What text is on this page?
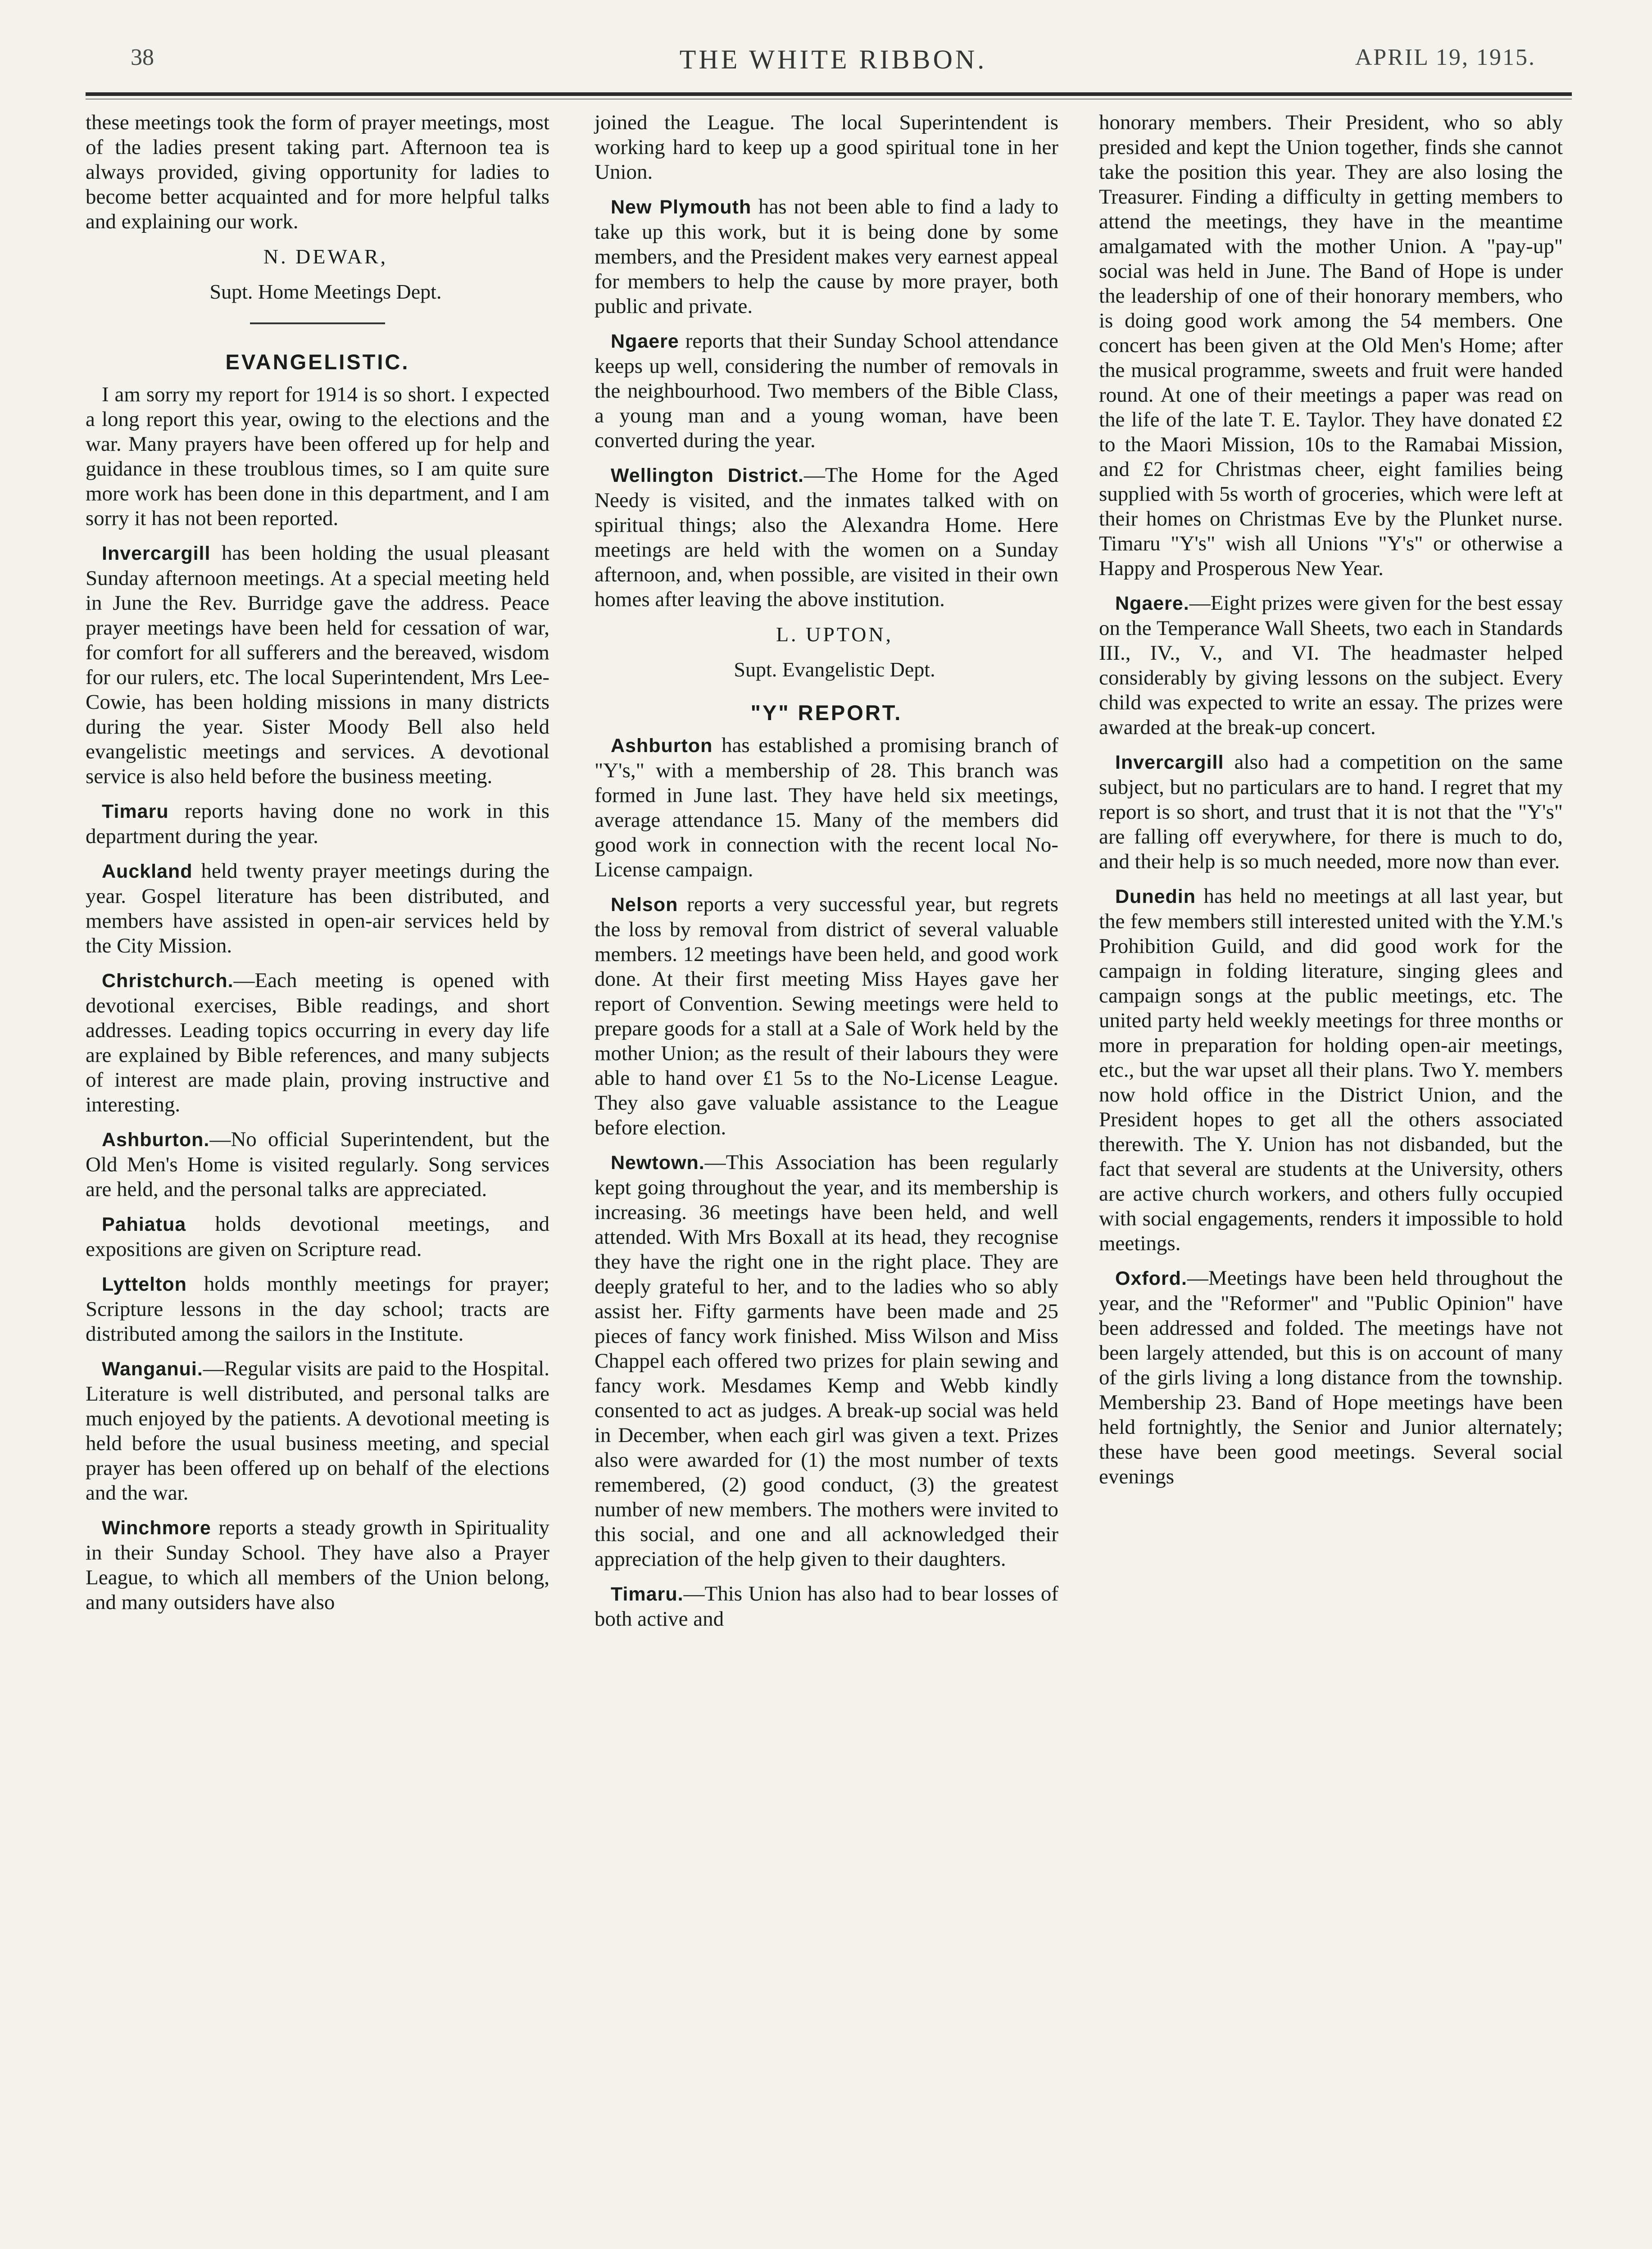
38	THE WHITE RIBBON.	APRIL 19, 1915.

these meetings took the form of prayer meetings, most of the ladies present taking part. Afternoon tea is always provided, giving opportunity for ladies to become better acquainted and for more helpful talks and explaining our work.

N. DEWAR,

Supt. Home Meetings Dept.

EVANGELISTIC.

I am sorry my report for 1914 is so short. I expected a long report this year, owing to the elections and the war. Many prayers have been offered up for help and guidance in these troublous times, so I am quite sure more work has been done in this department, and I am sorry it has not been reported.

Invercargill has been holding the usual pleasant Sunday afternoon meetings. At a special meeting held in June the Rev. Burridge gave the address. Peace prayer meetings have been held for cessation of war, for comfort for all sufferers and the bereaved, wisdom for our rulers, etc. The local Superintendent, Mrs Lee-Cowie, has been holding missions in many districts during the year. Sister Moody Bell also held evangelistic meetings and services. A devotional service is also held before the business meeting.

Timaru reports having done no work in this department during the year.

Auckland held twenty prayer meetings during the year. Gospel literature has been distributed, and members have assisted in open-air services held by the City Mission.

Christchurch.—Each meeting is opened with devotional exercises, Bible readings, and short addresses. Leading topics occurring in every day life are explained by Bible references, and many subjects of interest are made plain, proving instructive and interesting.

Ashburton.—No official Superintendent, but the Old Men's Home is visited regularly. Song services are held, and the personal talks are appreciated.

Pahiatua holds devotional meetings, and expositions are given on Scripture read.

Lyttelton holds monthly meetings for prayer; Scripture lessons in the day school; tracts are distributed among the sailors in the Institute.

Wanganui.—Regular visits are paid to the Hospital. Literature is well distributed, and personal talks are much enjoyed by the patients. A devotional meeting is held before the usual business meeting, and special prayer has been offered up on behalf of the elections and the war.

Winchmore reports a steady growth in Spirituality in their Sunday School. They have also a Prayer League, to which all members of the Union belong, and many outsiders have also

joined the League. The local Superintendent is working hard to keep up a good spiritual tone in her Union.

New Plymouth has not been able to find a lady to take up this work, but it is being done by some members, and the President makes very earnest appeal for members to help the cause by more prayer, both public and private.

Ngaere reports that their Sunday School attendance keeps up well, considering the number of removals in the neighbourhood. Two members of the Bible Class, a young man and a young woman, have been converted during the year.

Wellington District.—The Home for the Aged Needy is visited, and the inmates talked with on spiritual things; also the Alexandra Home. Here meetings are held with the women on a Sunday afternoon, and, when possible, are visited in their own homes after leaving the above institution.

L. UPTON,

Supt. Evangelistic Dept.

"Y" REPORT.

Ashburton has established a promising branch of "Y's," with a membership of 28. This branch was formed in June last. They have held six meetings, average attendance 15. Many of the members did good work in connection with the recent local No-License campaign.

Nelson reports a very successful year, but regrets the loss by removal from district of several valuable members. 12 meetings have been held, and good work done. At their first meeting Miss Hayes gave her report of Convention. Sewing meetings were held to prepare goods for a stall at a Sale of Work held by the mother Union; as the result of their labours they were able to hand over £1 5s to the No-License League. They also gave valuable assistance to the League before election.

Newtown.—This Association has been regularly kept going throughout the year, and its membership is increasing. 36 meetings have been held, and well attended. With Mrs Boxall at its head, they recognise they have the right one in the right place. They are deeply grateful to her, and to the ladies who so ably assist her. Fifty garments have been made and 25 pieces of fancy work finished. Miss Wilson and Miss Chappel each offered two prizes for plain sewing and fancy work. Mesdames Kemp and Webb kindly consented to act as judges. A break-up social was held in December, when each girl was given a text. Prizes also were awarded for (1) the most number of texts remembered, (2) good conduct, (3) the greatest number of new members. The mothers were invited to this social, and one and all acknowledged their appreciation of the help given to their daughters.

Timaru.—This Union has also had to bear losses of both active and

honorary members. Their President, who so ably presided and kept the Union together, finds she cannot take the position this year. They are also losing the Treasurer. Finding a difficulty in getting members to attend the meetings, they have in the meantime amalgamated with the mother Union. A "pay-up" social was held in June. The Band of Hope is under the leadership of one of their honorary members, who is doing good work among the 54 members. One concert has been given at the Old Men's Home; after the musical programme, sweets and fruit were handed round. At one of their meetings a paper was read on the life of the late T. E. Taylor. They have donated £2 to the Maori Mission, 10s to the Ramabai Mission, and £2 for Christmas cheer, eight families being supplied with 5s worth of groceries, which were left at their homes on Christmas Eve by the Plunket nurse. Timaru "Y's" wish all Unions "Y's" or otherwise a Happy and Prosperous New Year.

Ngaere.—Eight prizes were given for the best essay on the Temperance Wall Sheets, two each in Standards III., IV., V., and VI. The headmaster helped considerably by giving lessons on the subject. Every child was expected to write an essay. The prizes were awarded at the break-up concert.

Invercargill also had a competition on the same subject, but no particulars are to hand. I regret that my report is so short, and trust that it is not that the "Y's" are falling off everywhere, for there is much to do, and their help is so much needed, more now than ever.

Dunedin has held no meetings at all last year, but the few members still interested united with the Y.M.'s Prohibition Guild, and did good work for the campaign in folding literature, singing glees and campaign songs at the public meetings, etc. The united party held weekly meetings for three months or more in preparation for holding open-air meetings, etc., but the war upset all their plans. Two Y. members now hold office in the District Union, and the President hopes to get all the others associated therewith. The Y. Union has not disbanded, but the fact that several are students at the University, others are active church workers, and others fully occupied with social engagements, renders it impossible to hold meetings.

Oxford.—Meetings have been held throughout the year, and the "Reformer" and "Public Opinion" have been addressed and folded. The meetings have not been largely attended, but this is on account of many of the girls living a long distance from the township. Membership 23. Band of Hope meetings have been held fortnightly, the Senior and Junior alternately; these have been good meetings. Several social evenings
